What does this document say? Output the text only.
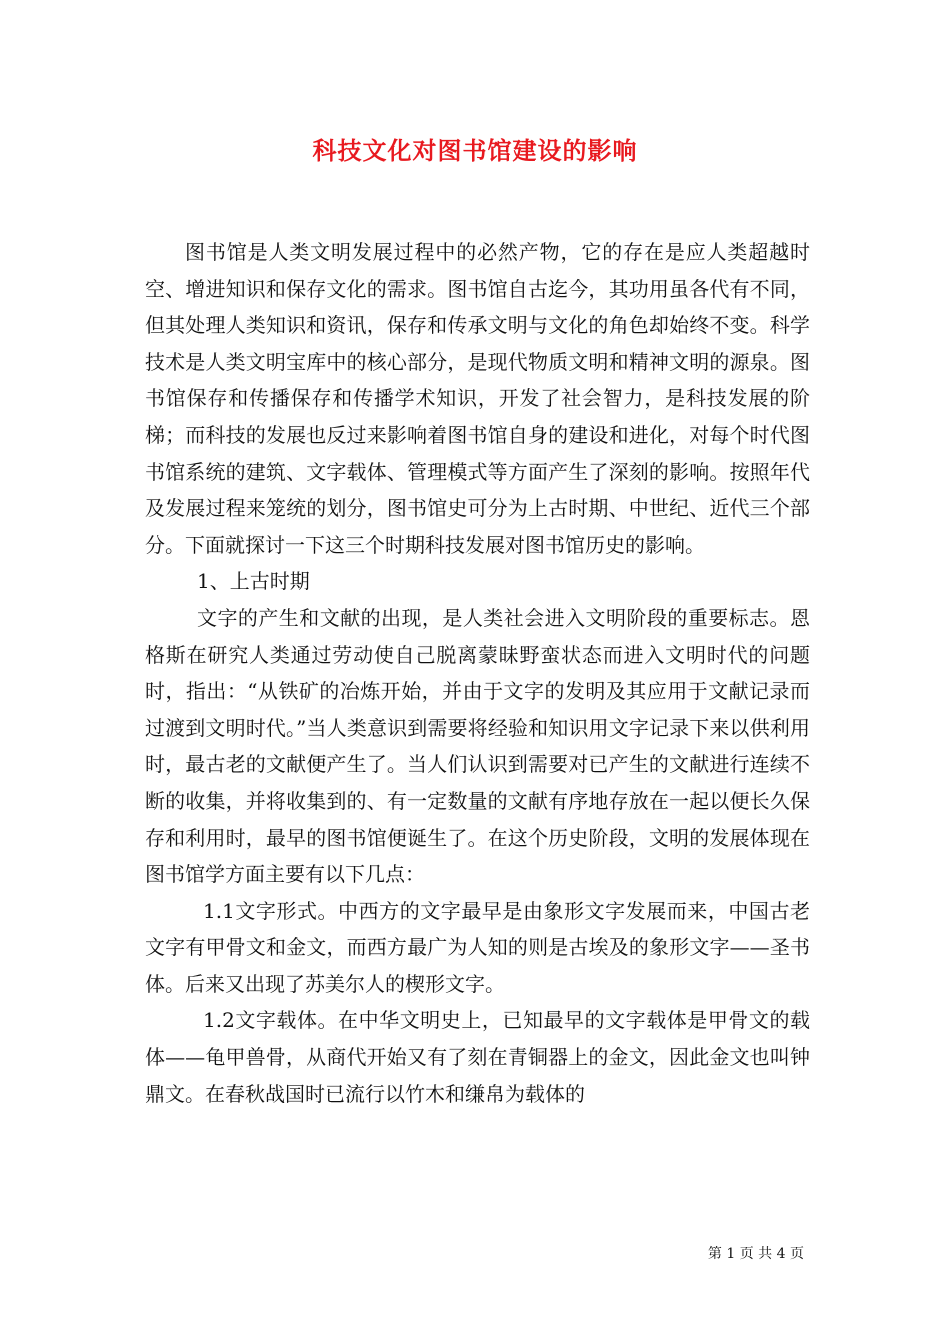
科技文化对图书馆建设的影响

图书馆是人类文明发展过程中的必然产物，它的存在是应人类超越时空、增进知识和保存文化的需求。图书馆自古迄今，其功用虽各代有不同，但其处理人类知识和资讯，保存和传承文明与文化的角色却始终不变。科学技术是人类文明宝库中的核心部分，是现代物质文明和精神文明的源泉。图书馆保存和传播保存和传播学术知识，开发了社会智力，是科技发展的阶梯；而科技的发展也反过来影响着图书馆自身的建设和进化，对每个时代图书馆系统的建筑、文字载体、管理模式等方面产生了深刻的影响。按照年代及发展过程来笼统的划分，图书馆史可分为上古时期、中世纪、近代三个部分。下面就探讨一下这三个时期科技发展对图书馆历史的影响。

1、上古时期

文字的产生和文献的出现，是人类社会进入文明阶段的重要标志。恩格斯在研究人类通过劳动使自己脱离蒙昧野蛮状态而进入文明时代的问题时，指出：“从铁矿的冶炼开始，并由于文字的发明及其应用于文献记录而过渡到文明时代。”当人类意识到需要将经验和知识用文字记录下来以供利用时，最古老的文献便产生了。当人们认识到需要对已产生的文献进行连续不断的收集，并将收集到的、有一定数量的文献有序地存放在一起以便长久保存和利用时，最早的图书馆便诞生了。在这个历史阶段，文明的发展体现在图书馆学方面主要有以下几点：

1.1文字形式。中西方的文字最早是由象形文字发展而来，中国古老文字有甲骨文和金文，而西方最广为人知的则是古埃及的象形文字——圣书体。后来又出现了苏美尔人的楔形文字。

1.2文字载体。在中华文明史上，已知最早的文字载体是甲骨文的载体——龟甲兽骨，从商代开始又有了刻在青铜器上的金文，因此金文也叫钟鼎文。在春秋战国时已流行以竹木和缣帛为载体的

第 1 页 共 4 页
